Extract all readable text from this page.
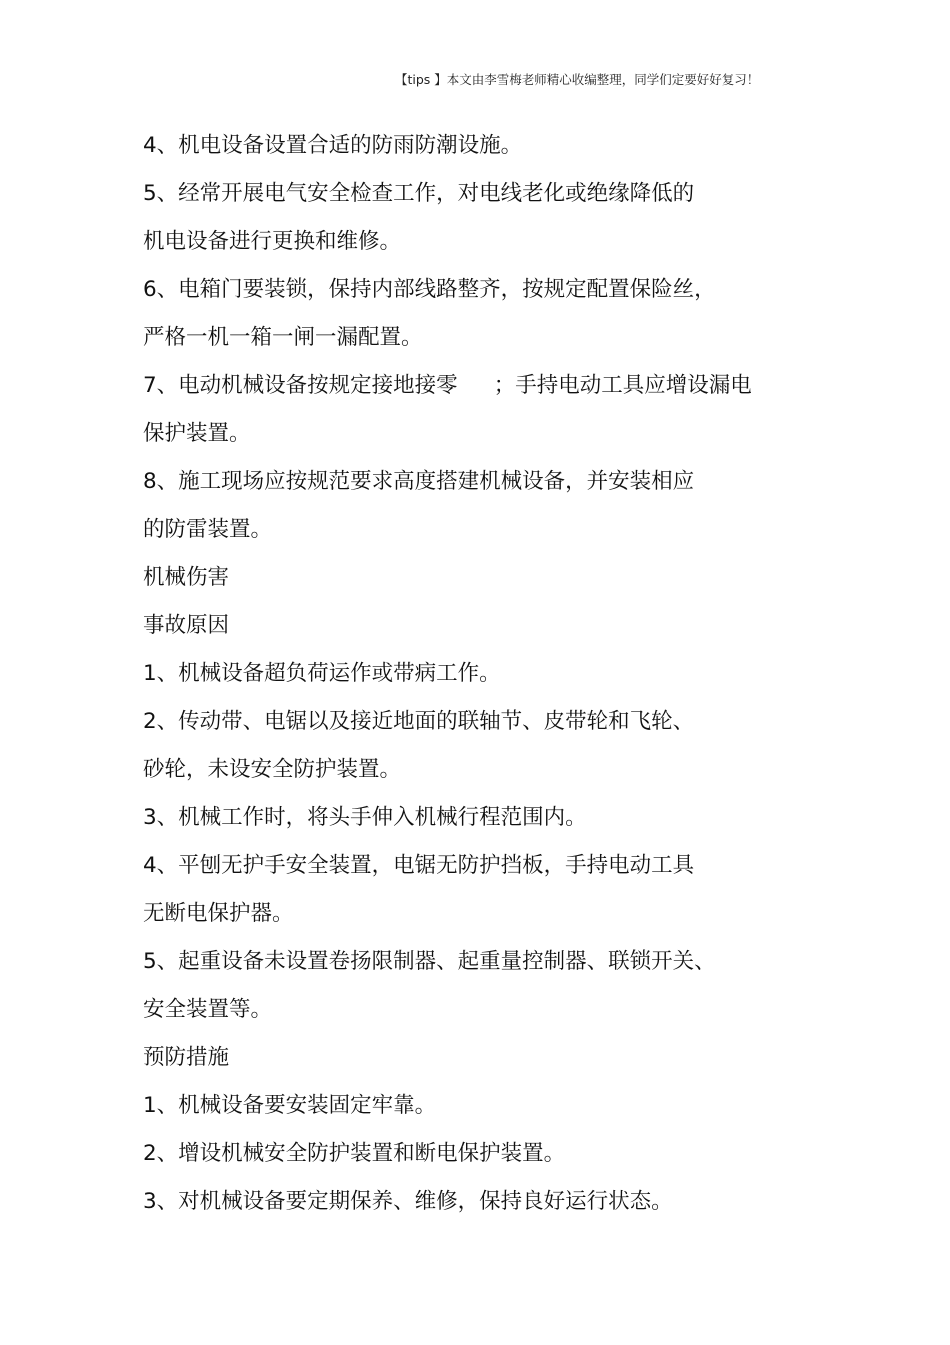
【tips 】本文由李雪梅老师精心收编整理，同学们定要好好复习！
4、机电设备设置合适的防雨防潮设施。
5、经常开展电气安全检查工作，对电线老化或绝缘降低的
机电设备进行更换和维修。
6、电箱门要装锁，保持内部线路整齐，按规定配置保险丝，
严格一机一箱一闸一漏配置。
7、电动机械设备按规定接地接零 ；手持电动工具应增设漏电
保护装置。
8、施工现场应按规范要求高度搭建机械设备，并安装相应
的防雷装置。
机械伤害
事故原因
1、机械设备超负荷运作或带病工作。
2、传动带、电锯以及接近地面的联轴节、皮带轮和飞轮、
砂轮，未设安全防护装置。
3、机械工作时，将头手伸入机械行程范围内。
4、平刨无护手安全装置，电锯无防护挡板，手持电动工具
无断电保护器。
5、起重设备未设置卷扬限制器、起重量控制器、联锁开关、
安全装置等。
预防措施
1、机械设备要安装固定牢靠。
2、增设机械安全防护装置和断电保护装置。
3、对机械设备要定期保养、维修，保持良好运行状态。
